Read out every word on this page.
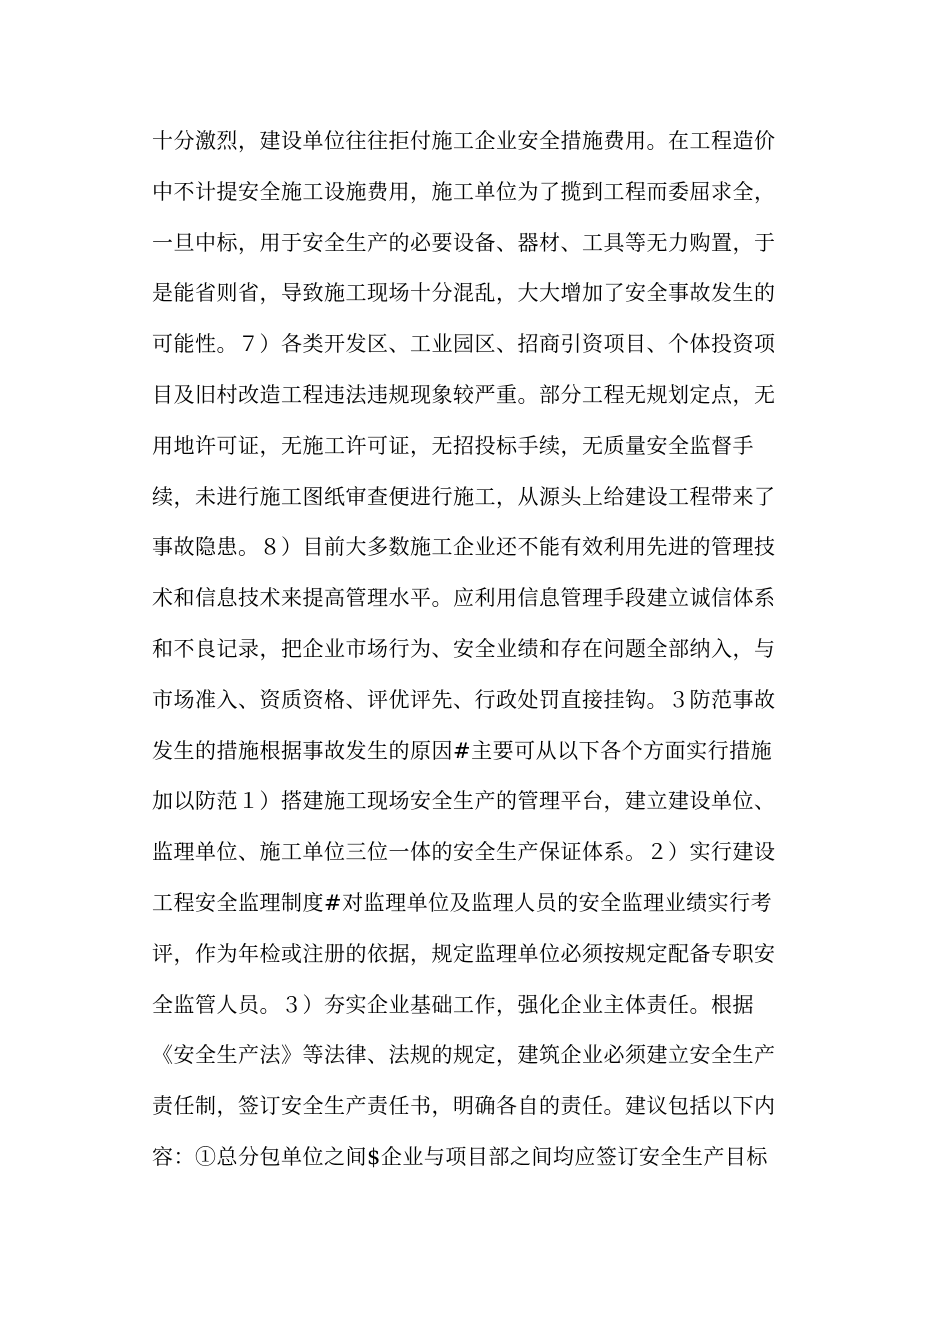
十分激烈，建设单位往往拒付施工企业安全措施费用。在工程造价
中不计提安全施工设施费用，施工单位为了揽到工程而委屈求全，
一旦中标，用于安全生产的必要设备、器材、工具等无力购置，于
是能省则省，导致施工现场十分混乱，大大增加了安全事故发生的
可能性。７）各类开发区、工业园区、招商引资项目、个体投资项
目及旧村改造工程违法违规现象较严重。部分工程无规划定点，无
用地许可证，无施工许可证，无招投标手续，无质量安全监督手
续，未进行施工图纸审查便进行施工，从源头上给建设工程带来了
事故隐患。８）目前大多数施工企业还不能有效利用先进的管理技
术和信息技术来提高管理水平。应利用信息管理手段建立诚信体系
和不良记录，把企业市场行为、安全业绩和存在问题全部纳入，与
市场准入、资质资格、评优评先、行政处罚直接挂钩。３防范事故
发生的措施根据事故发生的原因#主要可从以下各个方面实行措施
加以防范１）搭建施工现场安全生产的管理平台，建立建设单位、
监理单位、施工单位三位一体的安全生产保证体系。２）实行建设
工程安全监理制度#对监理单位及监理人员的安全监理业绩实行考
评，作为年检或注册的依据，规定监理单位必须按规定配备专职安
全监管人员。３）夯实企业基础工作，强化企业主体责任。根据
《安全生产法》等法律、法规的规定，建筑企业必须建立安全生产
责任制，签订安全生产责任书，明确各自的责任。建议包括以下内
容：①总分包单位之间$企业与项目部之间均应签订安全生产目标
